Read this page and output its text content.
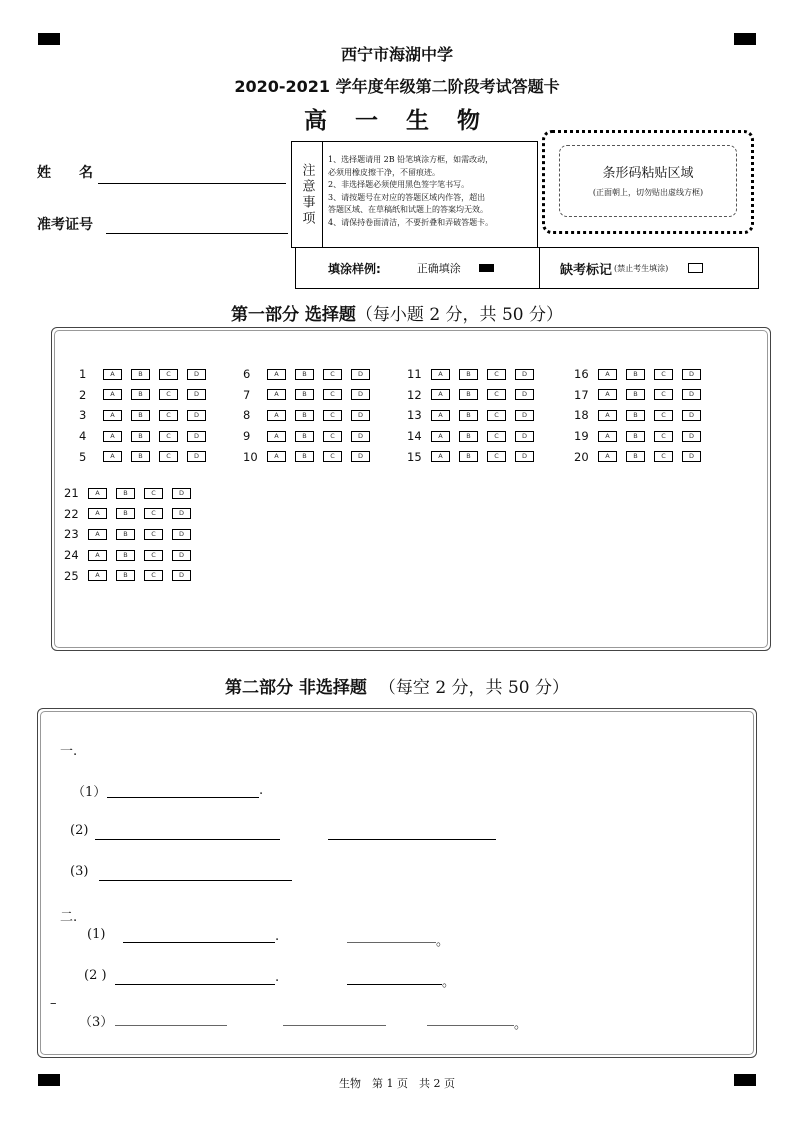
西宁市海湖中学
2020-2021 学年度年级第二阶段考试答题卡
高 一 生 物
姓　　名
准考证号	注意事项
1、选择题请用 2B 铅笔填涂方框，如需改动，
必须用橡皮擦干净，不留痕迹。
2、非选择题必须使用黑色签字笔书写。
3、请按题号在对应的答题区域内作答，超出
答题区域、在草稿纸和试题上的答案均无效。
4、请保持卷面清洁，不要折叠和弄破答题卡。
条形码粘贴区域
(正面朝上，切勿贴出虚线方框)
填涂样例:	正确填涂	缺考标记 (禁止考生填涂)
第一部分 选择题（每小题 2 分，共 50 分）
1	A	B	C	D
2	A	B	C	D
3	A	B	C	D
4	A	B	C	D
5	A	B	C	D
6	A	B	C	D
7	A	B	C	D
8	A	B	C	D
9	A	B	C	D
10	A	B	C	D
11	A	B	C	D
12	A	B	C	D
13	A	B	C	D
14	A	B	C	D
15	A	B	C	D
16	A	B	C	D
17	A	B	C	D
18	A	B	C	D
19	A	B	C	D
20	A	B	C	D
21	A	B	C	D
22	A	B	C	D
23	A	B	C	D
24	A	B	C	D
25	A	B	C	D
第二部分 非选择题 （每空 2 分，共 50 分）
一.
（1）	.
(2)
(3)
二.
(1)	.	。
(2 )	.	。
–
（3）	。
生物　第 1 页　共 2 页
